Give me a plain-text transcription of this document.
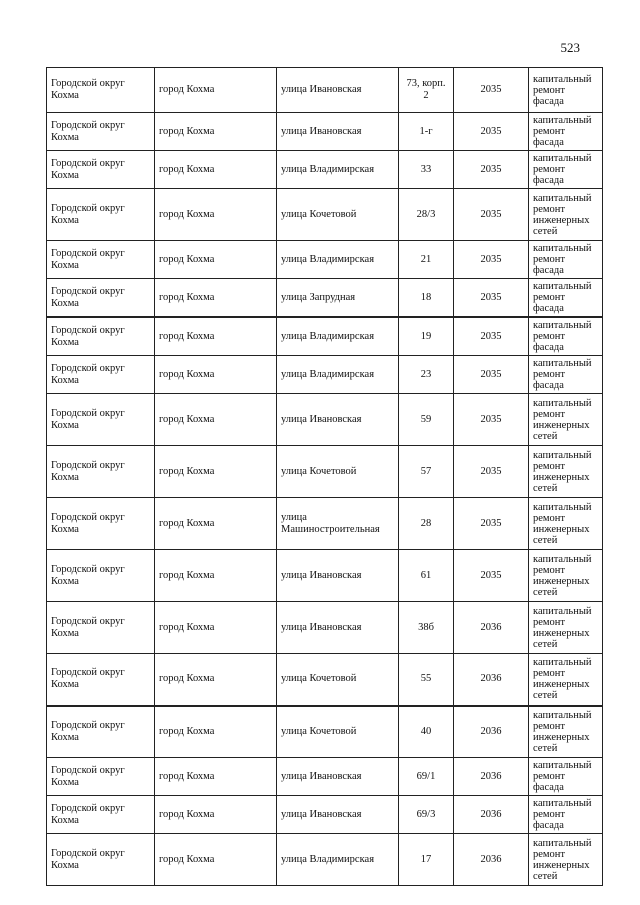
523
Городской округ Кохма	город Кохма	улица Ивановская	73, корп. 2	2035	капитальный ремонт фасада
Городской округ Кохма	город Кохма	улица Ивановская	1-г	2035	капитальный ремонт фасада
Городской округ Кохма	город Кохма	улица Владимирская	33	2035	капитальный ремонт фасада
Городской округ Кохма	город Кохма	улица Кочетовой	28/3	2035	капитальный ремонт инженерных сетей
Городской округ Кохма	город Кохма	улица Владимирская	21	2035	капитальный ремонт фасада
Городской округ Кохма	город Кохма	улица Запрудная	18	2035	капитальный ремонт фасада
Городской округ Кохма	город Кохма	улица Владимирская	19	2035	капитальный ремонт фасада
Городской округ Кохма	город Кохма	улица Владимирская	23	2035	капитальный ремонт фасада
Городской округ Кохма	город Кохма	улица Ивановская	59	2035	капитальный ремонт инженерных сетей
Городской округ Кохма	город Кохма	улица Кочетовой	57	2035	капитальный ремонт инженерных сетей
Городской округ Кохма	город Кохма	улица Машиностроительная	28	2035	капитальный ремонт инженерных сетей
Городской округ Кохма	город Кохма	улица Ивановская	61	2035	капитальный ремонт инженерных сетей
Городской округ Кохма	город Кохма	улица Ивановская	38б	2036	капитальный ремонт инженерных сетей
Городской округ Кохма	город Кохма	улица Кочетовой	55	2036	капитальный ремонт инженерных сетей
Городской округ Кохма	город Кохма	улица Кочетовой	40	2036	капитальный ремонт инженерных сетей
Городской округ Кохма	город Кохма	улица Ивановская	69/1	2036	капитальный ремонт фасада
Городской округ Кохма	город Кохма	улица Ивановская	69/3	2036	капитальный ремонт фасада
Городской округ Кохма	город Кохма	улица Владимирская	17	2036	капитальный ремонт инженерных сетей
